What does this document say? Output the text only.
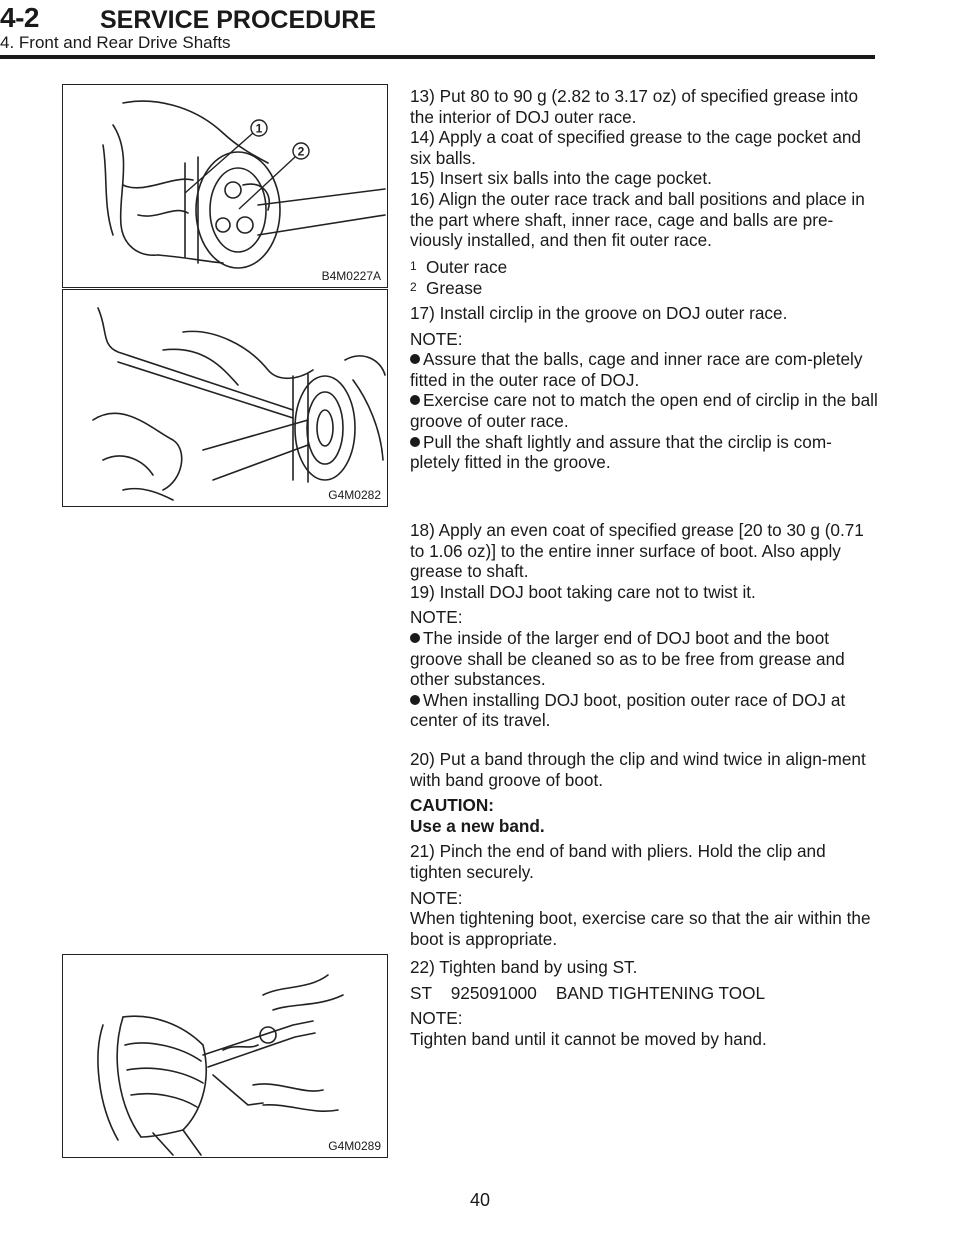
4-2 SERVICE PROCEDURE
4. Front and Rear Drive Shafts
1
2
B4M0227A

13) Put 80 to 90 g (2.82 to 3.17 oz) of specified grease into the interior of DOJ outer race.

14) Apply a coat of specified grease to the cage pocket and six balls.

15) Insert six balls into the cage pocket.

16) Align the outer race track and ball positions and place in the part where shaft, inner race, cage and balls are pre-viously installed, and then fit outer race.

1 Outer race

2 Grease

G4M0282

17) Install circlip in the groove on DOJ outer race.

NOTE:

Assure that the balls, cage and inner race are com-pletely fitted in the outer race of DOJ.

Exercise care not to match the open end of circlip in the ball groove of outer race.

Pull the shaft lightly and assure that the circlip is com-pletely fitted in the groove.

18) Apply an even coat of specified grease [20 to 30 g (0.71 to 1.06 oz)] to the entire inner surface of boot. Also apply grease to shaft.

19) Install DOJ boot taking care not to twist it.

NOTE:

The inside of the larger end of DOJ boot and the boot groove shall be cleaned so as to be free from grease and other substances.

When installing DOJ boot, position outer race of DOJ at center of its travel.

20) Put a band through the clip and wind twice in align-ment with band groove of boot.

CAUTION:

Use a new band.

21) Pinch the end of band with pliers. Hold the clip and tighten securely.

NOTE:

When tightening boot, exercise care so that the air within the boot is appropriate.

G4M0289

22) Tighten band by using ST.

ST    925091000    BAND TIGHTENING TOOL

NOTE:

Tighten band until it cannot be moved by hand.

40
